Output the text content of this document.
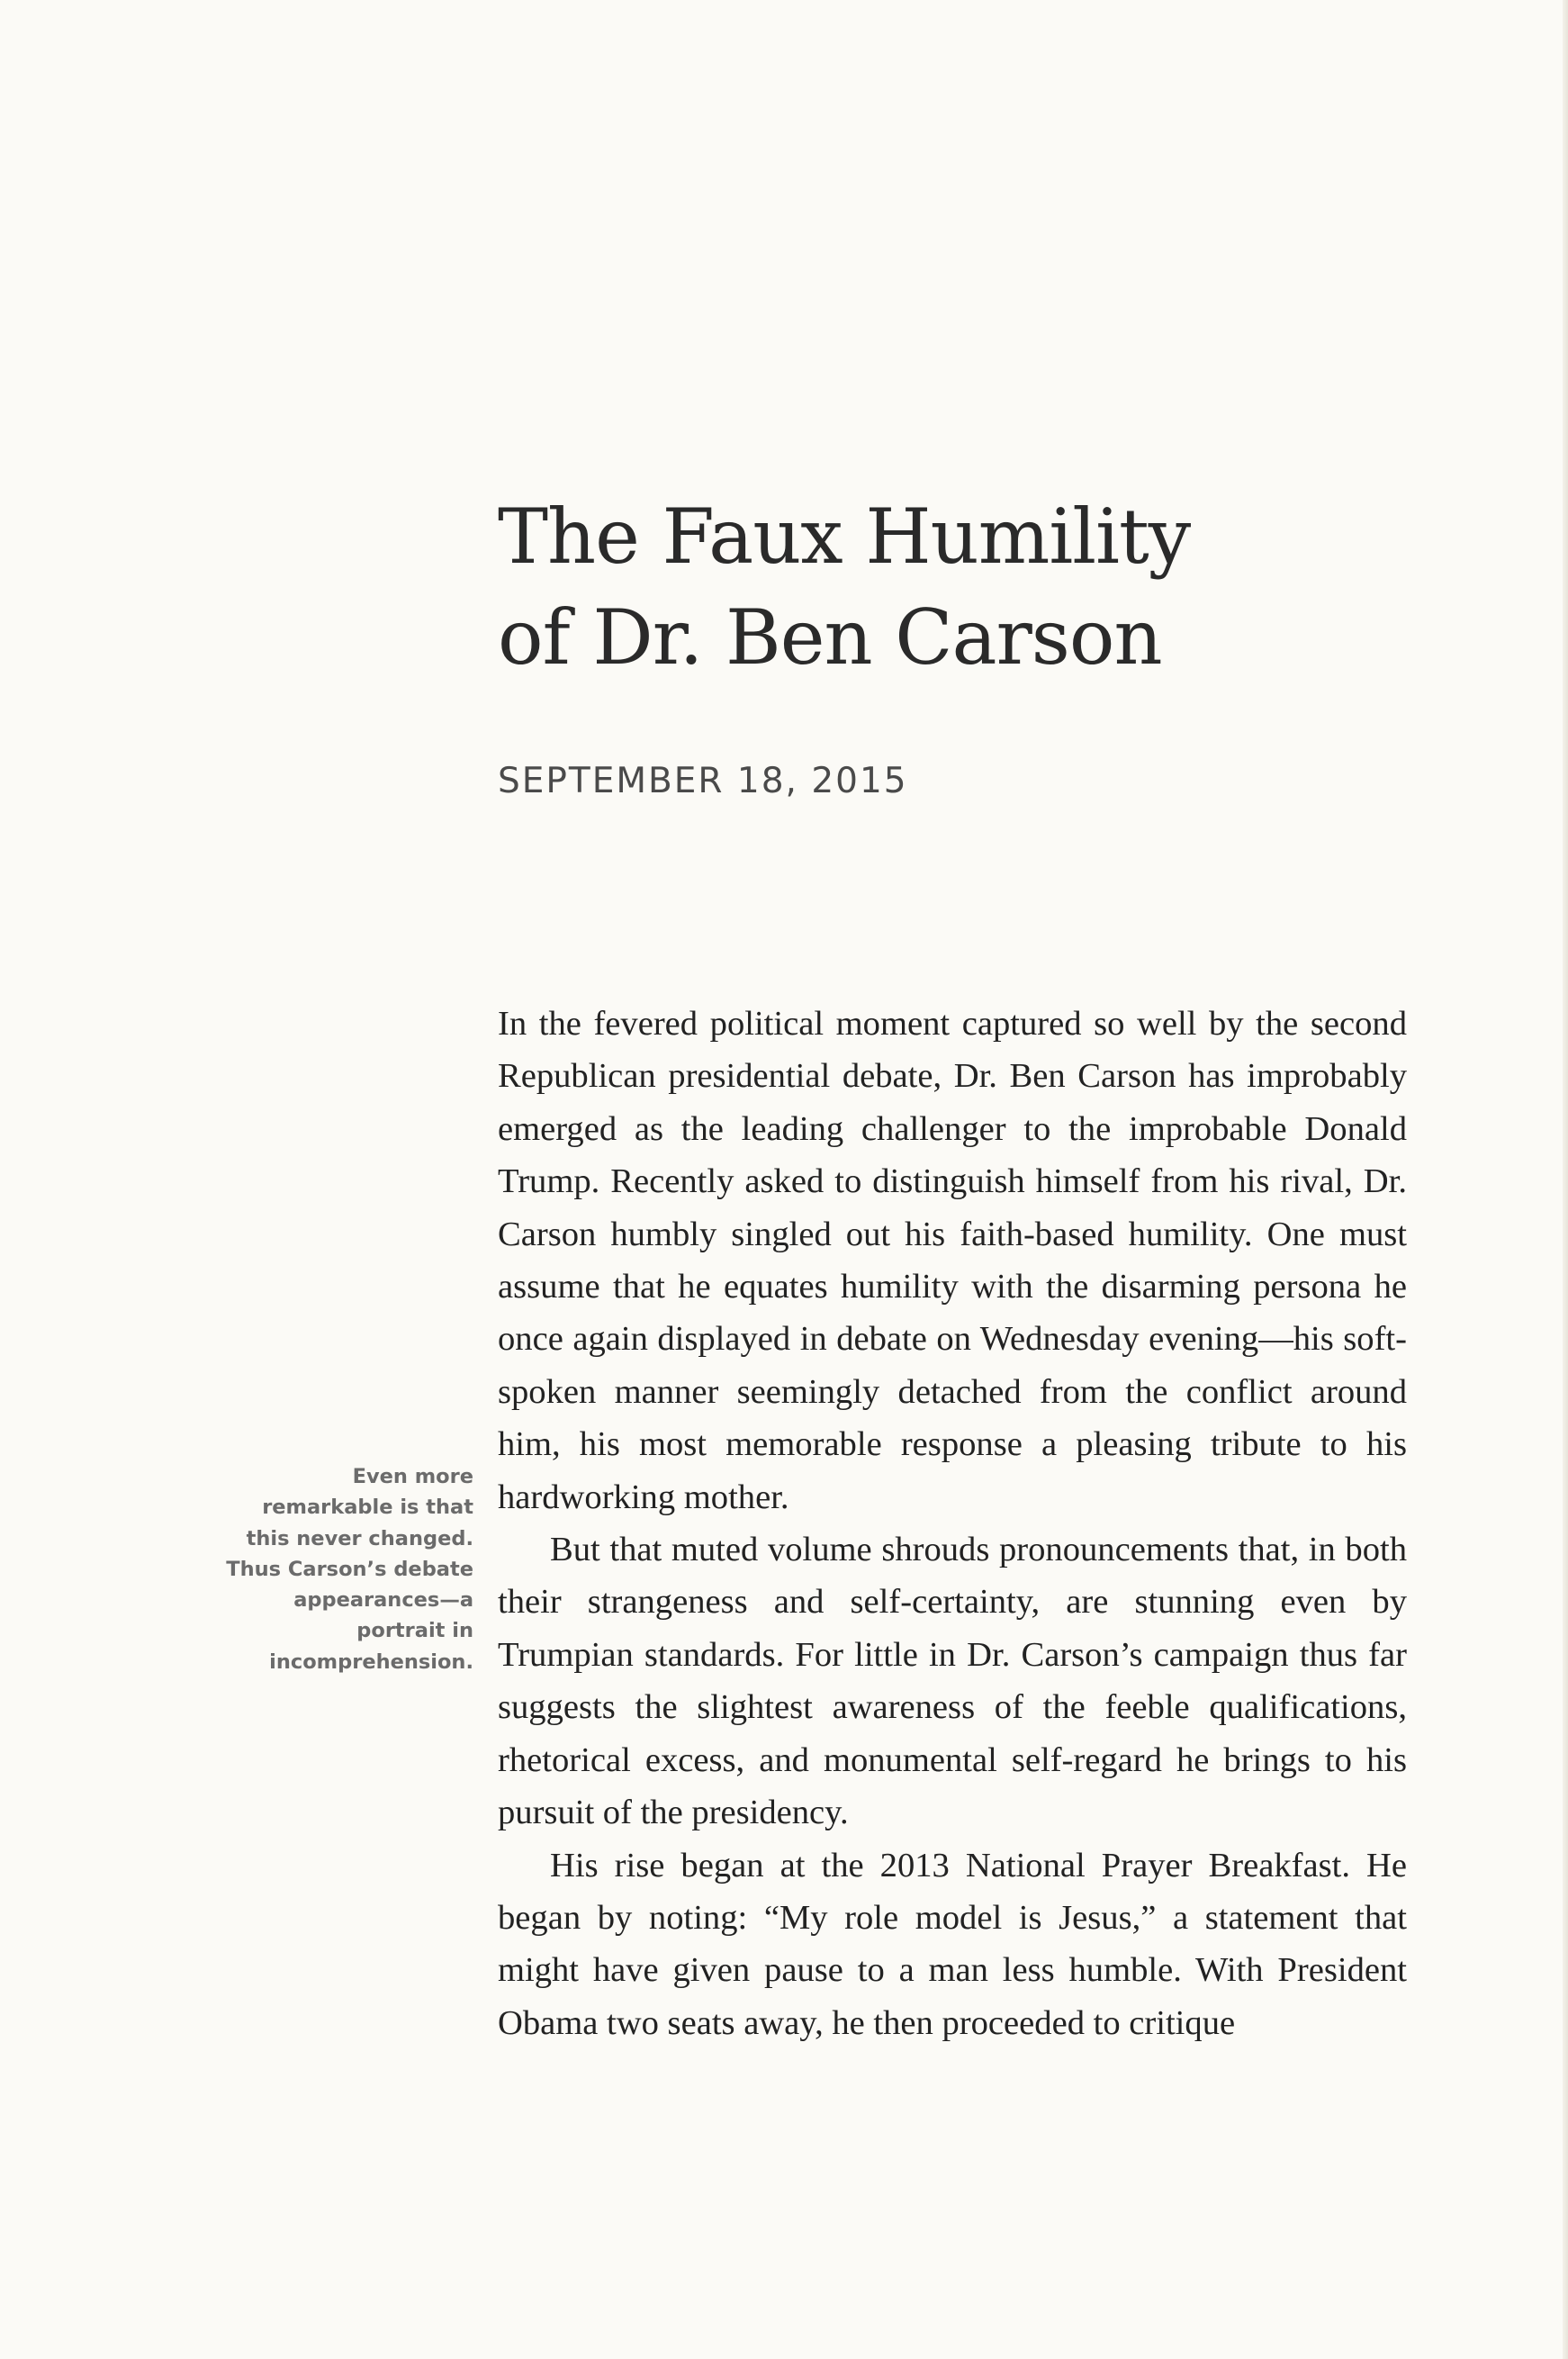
The Faux Humility
of Dr. Ben Carson
SEPTEMBER 18, 2015

In the fevered political moment captured so well by the second Republican presidential debate, Dr. Ben Carson has improbably emerged as the leading challenger to the improbable Donald Trump. Recently asked to distinguish himself from his rival, Dr. Carson humbly singled out his faith-based humility. One must assume that he equates humility with the disarming persona he once again displayed in debate on Wednesday evening—his soft-spoken manner seemingly detached from the conflict around him, his most memorable response a pleasing tribute to his hardworking mother.

But that muted volume shrouds pronouncements that, in both their strangeness and self-certainty, are stunning even by Trumpian standards. For little in Dr. Carson’s campaign thus far suggests the slightest awareness of the feeble qualifications, rhetorical excess, and monumental self-regard he brings to his pursuit of the presidency.

His rise began at the 2013 National Prayer Breakfast. He began by noting: “My role model is Jesus,” a statement that might have given pause to a man less humble. With President Obama two seats away, he then proceeded to critique

Even more remarkable is that this never changed. Thus Carson’s debate appearances—a portrait in incomprehension.
